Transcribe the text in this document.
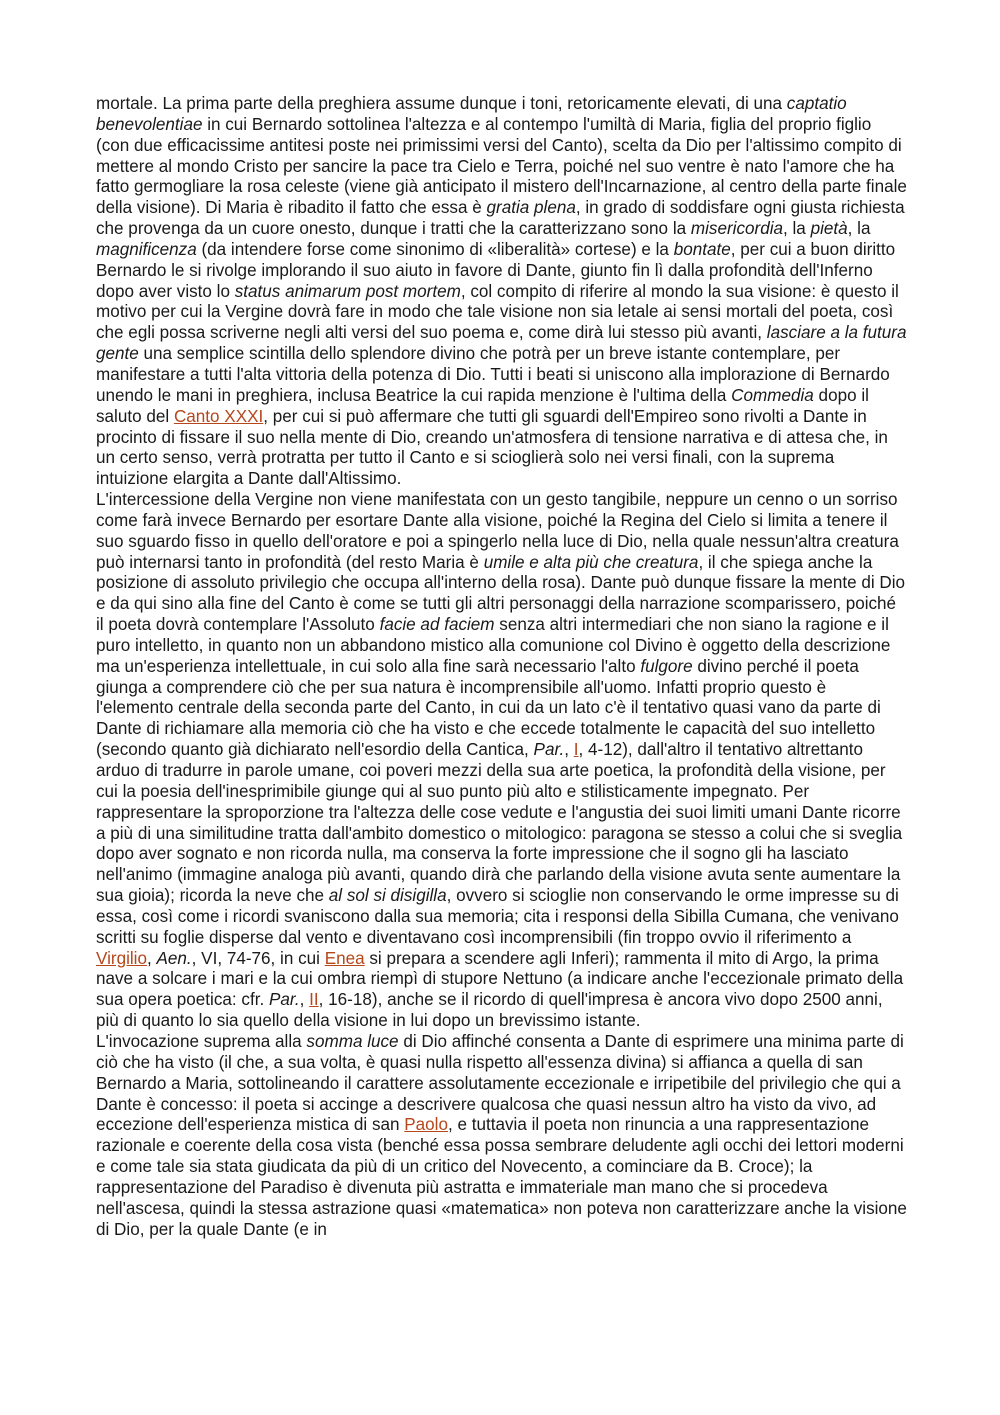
mortale. La prima parte della preghiera assume dunque i toni, retoricamente elevati, di una captatio benevolentiae in cui Bernardo sottolinea l'altezza e al contempo l'umiltà di Maria, figlia del proprio figlio (con due efficacissime antitesi poste nei primissimi versi del Canto), scelta da Dio per l'altissimo compito di mettere al mondo Cristo per sancire la pace tra Cielo e Terra, poiché nel suo ventre è nato l'amore che ha fatto germogliare la rosa celeste (viene già anticipato il mistero dell'Incarnazione, al centro della parte finale della visione). Di Maria è ribadito il fatto che essa è gratia plena, in grado di soddisfare ogni giusta richiesta che provenga da un cuore onesto, dunque i tratti che la caratterizzano sono la misericordia, la pietà, la magnificenza (da intendere forse come sinonimo di «liberalità» cortese) e la bontate, per cui a buon diritto Bernardo le si rivolge implorando il suo aiuto in favore di Dante, giunto fin lì dalla profondità dell'Inferno dopo aver visto lo status animarum post mortem, col compito di riferire al mondo la sua visione: è questo il motivo per cui la Vergine dovrà fare in modo che tale visione non sia letale ai sensi mortali del poeta, così che egli possa scriverne negli alti versi del suo poema e, come dirà lui stesso più avanti, lasciare a la futura gente una semplice scintilla dello splendore divino che potrà per un breve istante contemplare, per manifestare a tutti l'alta vittoria della potenza di Dio. Tutti i beati si uniscono alla implorazione di Bernardo unendo le mani in preghiera, inclusa Beatrice la cui rapida menzione è l'ultima della Commedia dopo il saluto del Canto XXXI, per cui si può affermare che tutti gli sguardi dell'Empireo sono rivolti a Dante in procinto di fissare il suo nella mente di Dio, creando un'atmosfera di tensione narrativa e di attesa che, in un certo senso, verrà protratta per tutto il Canto e si scioglierà solo nei versi finali, con la suprema intuizione elargita a Dante dall'Altissimo.

L'intercessione della Vergine non viene manifestata con un gesto tangibile, neppure un cenno o un sorriso come farà invece Bernardo per esortare Dante alla visione, poiché la Regina del Cielo si limita a tenere il suo sguardo fisso in quello dell'oratore e poi a spingerlo nella luce di Dio, nella quale nessun'altra creatura può internarsi tanto in profondità (del resto Maria è umile e alta più che creatura, il che spiega anche la posizione di assoluto privilegio che occupa all'interno della rosa). Dante può dunque fissare la mente di Dio e da qui sino alla fine del Canto è come se tutti gli altri personaggi della narrazione scomparissero, poiché il poeta dovrà contemplare l'Assoluto facie ad faciem senza altri intermediari che non siano la ragione e il puro intelletto, in quanto non un abbandono mistico alla comunione col Divino è oggetto della descrizione ma un'esperienza intellettuale, in cui solo alla fine sarà necessario l'alto fulgore divino perché il poeta giunga a comprendere ciò che per sua natura è incomprensibile all'uomo. Infatti proprio questo è l'elemento centrale della seconda parte del Canto, in cui da un lato c'è il tentativo quasi vano da parte di Dante di richiamare alla memoria ciò che ha visto e che eccede totalmente le capacità del suo intelletto (secondo quanto già dichiarato nell'esordio della Cantica, Par., I, 4-12), dall'altro il tentativo altrettanto arduo di tradurre in parole umane, coi poveri mezzi della sua arte poetica, la profondità della visione, per cui la poesia dell'inesprimibile giunge qui al suo punto più alto e stilisticamente impegnato. Per rappresentare la sproporzione tra l'altezza delle cose vedute e l'angustia dei suoi limiti umani Dante ricorre a più di una similitudine tratta dall'ambito domestico o mitologico: paragona se stesso a colui che si sveglia dopo aver sognato e non ricorda nulla, ma conserva la forte impressione che il sogno gli ha lasciato nell'animo (immagine analoga più avanti, quando dirà che parlando della visione avuta sente aumentare la sua gioia); ricorda la neve che al sol si disigilla, ovvero si scioglie non conservando le orme impresse su di essa, così come i ricordi svaniscono dalla sua memoria; cita i responsi della Sibilla Cumana, che venivano scritti su foglie disperse dal vento e diventavano così incomprensibili (fin troppo ovvio il riferimento a Virgilio, Aen., VI, 74-76, in cui Enea si prepara a scendere agli Inferi); rammenta il mito di Argo, la prima nave a solcare i mari e la cui ombra riempì di stupore Nettuno (a indicare anche l'eccezionale primato della sua opera poetica: cfr. Par., II, 16-18), anche se il ricordo di quell'impresa è ancora vivo dopo 2500 anni, più di quanto lo sia quello della visione in lui dopo un brevissimo istante.

L'invocazione suprema alla somma luce di Dio affinché consenta a Dante di esprimere una minima parte di ciò che ha visto (il che, a sua volta, è quasi nulla rispetto all'essenza divina) si affianca a quella di san Bernardo a Maria, sottolineando il carattere assolutamente eccezionale e irripetibile del privilegio che qui a Dante è concesso: il poeta si accinge a descrivere qualcosa che quasi nessun altro ha visto da vivo, ad eccezione dell'esperienza mistica di san Paolo, e tuttavia il poeta non rinuncia a una rappresentazione razionale e coerente della cosa vista (benché essa possa sembrare deludente agli occhi dei lettori moderni e come tale sia stata giudicata da più di un critico del Novecento, a cominciare da B. Croce); la rappresentazione del Paradiso è divenuta più astratta e immateriale man mano che si procedeva nell'ascesa, quindi la stessa astrazione quasi «matematica» non poteva non caratterizzare anche la visione di Dio, per la quale Dante (e in
